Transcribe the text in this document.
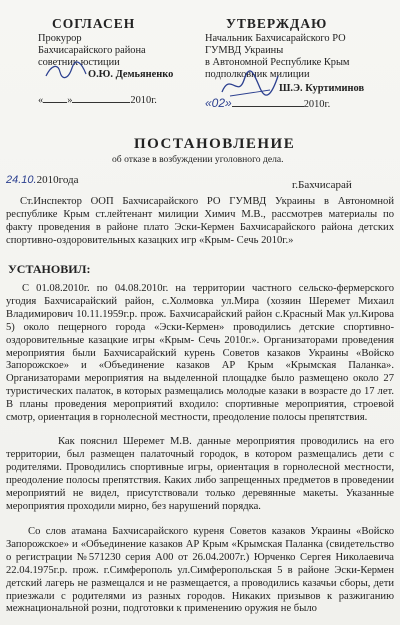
СОГЛАСЕН
Прокурор
Бахчисарайского района
советник юстиции
О.Ю. Демьяненко
« »	2010г.
УТВЕРЖДАЮ
Начальник Бахчисарайского РО
ГУМВД Украины
в Автономной Республике Крым
подполковник милиции
Ш.Э. Куртиминов
«02»	2010г.
ПОСТАНОВЛЕНИЕ
об отказе в возбуждении уголовного дела.
24.10.2010года	г.Бахчисарай
Ст.Инспектор ООП Бахчисарайского РО ГУМВД Украины в Автономной республике Крым ст.лейтенант милиции Химич М.В., рассмотрев материалы по факту проведения в районе плато Эски-Кермен Бахчисарайского района детских спортивно-оздоровительных казацких игр «Крым- Сечь 2010г.»
УСТАНОВИЛ:
С 01.08.2010г. по 04.08.2010г. на территории частного сельско-фермерского угодия Бахчисарайский район, с.Холмовка ул.Мира (хозяин Шеремет Михаил Владимирович 10.11.1959г.р. прож. Бахчисарайский район с.Красный Мак ул.Кирова 5) около пещерного города «Эски-Кермен» проводились детские спортивно-оздоровительные казацкие игры «Крым- Сечь 2010г.». Организаторами проведения мероприятия были Бахчисарайский курень Советов казаков Украины «Войско Запорожское» и «Объединение казаков АР Крым «Крымская Паланка». Организаторами мероприятия на выделенной площадке было размещено около 27 туристических палаток, в которых размещались молодые казаки в возрасте до 17 лет. В планы проведения мероприятий входило: спортивные мероприятия, строевой смотр, ориентация в горнолесной местности, преодоление полосы препятствия.
Как пояснил Шеремет М.В. данные мероприятия проводились на его территории, был размещен палаточный городок, в котором размещались дети с родителями. Проводились спортивные игры, ориентация в горнолесной местности, преодоление полосы препятствия. Каких либо запрещенных предметов в проведении мероприятий не видел, присутствовали только деревянные макеты. Указанные мероприятия проходили мирно, без нарушений порядка.
Со слов атамана Бахчисарайского куреня Советов казаков Украины «Войско Запорожское» и «Объединение казаков АР Крым «Крымская Паланка (свидетельство о регистрации №571230 серия А00 от 26.04.2007г.) Юрченко Сергея Николаевича 22.04.1975г.р. прож. г.Симферополь ул.Симферопольская 5 в районе Эски-Кермен детский лагерь не размещался и не размещается, а проводились казачьи сборы, дети приезжали с родителями из разных городов. Никаких призывов к разжиганию межнациональной розни, подготовки к применению оружия не было
